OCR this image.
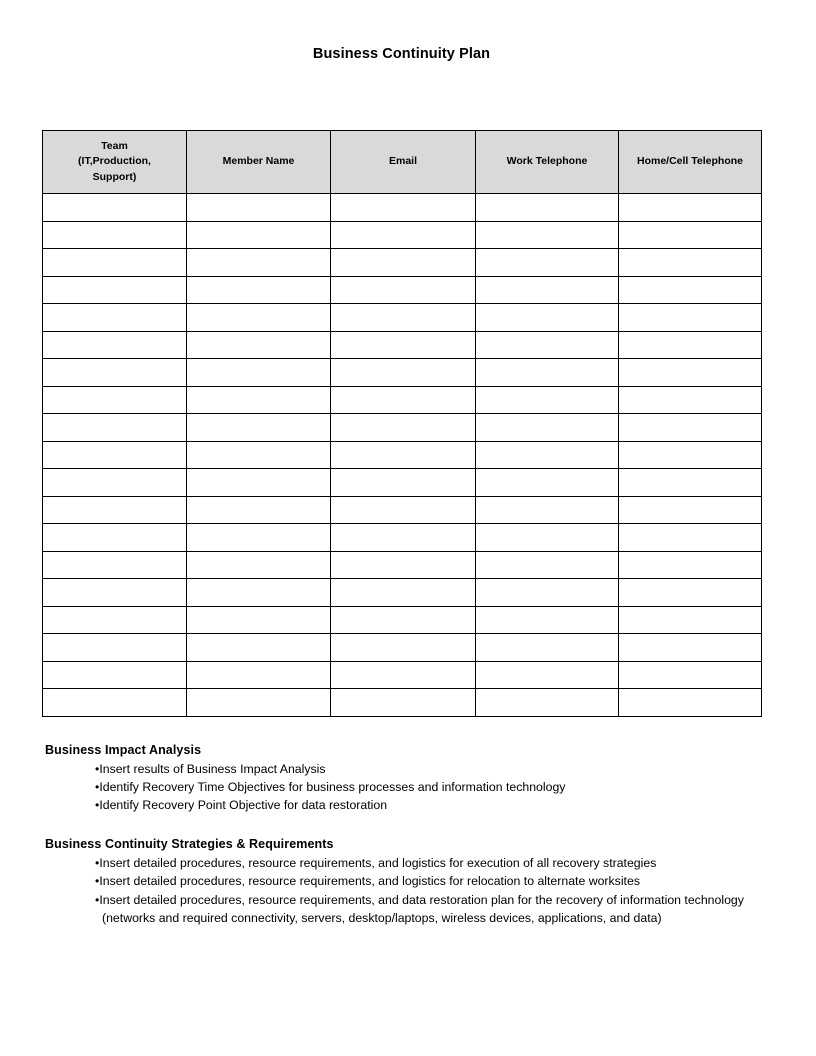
Business Continuity Plan
Team
(IT,Production,
Support)	Member Name	Email	Work Telephone	Home/Cell Telephone

Business Impact Analysis
•Insert results of Business Impact Analysis
•Identify Recovery Time Objectives for business processes and information technology
•Identify Recovery Point Objective for data restoration
Business Continuity Strategies & Requirements
•Insert detailed procedures, resource requirements, and logistics for execution of all recovery strategies
•Insert detailed procedures, resource requirements, and logistics for relocation to alternate worksites
•Insert detailed procedures, resource requirements, and data restoration plan for the recovery of information technology (networks and required connectivity, servers, desktop/laptops, wireless devices, applications, and data)
